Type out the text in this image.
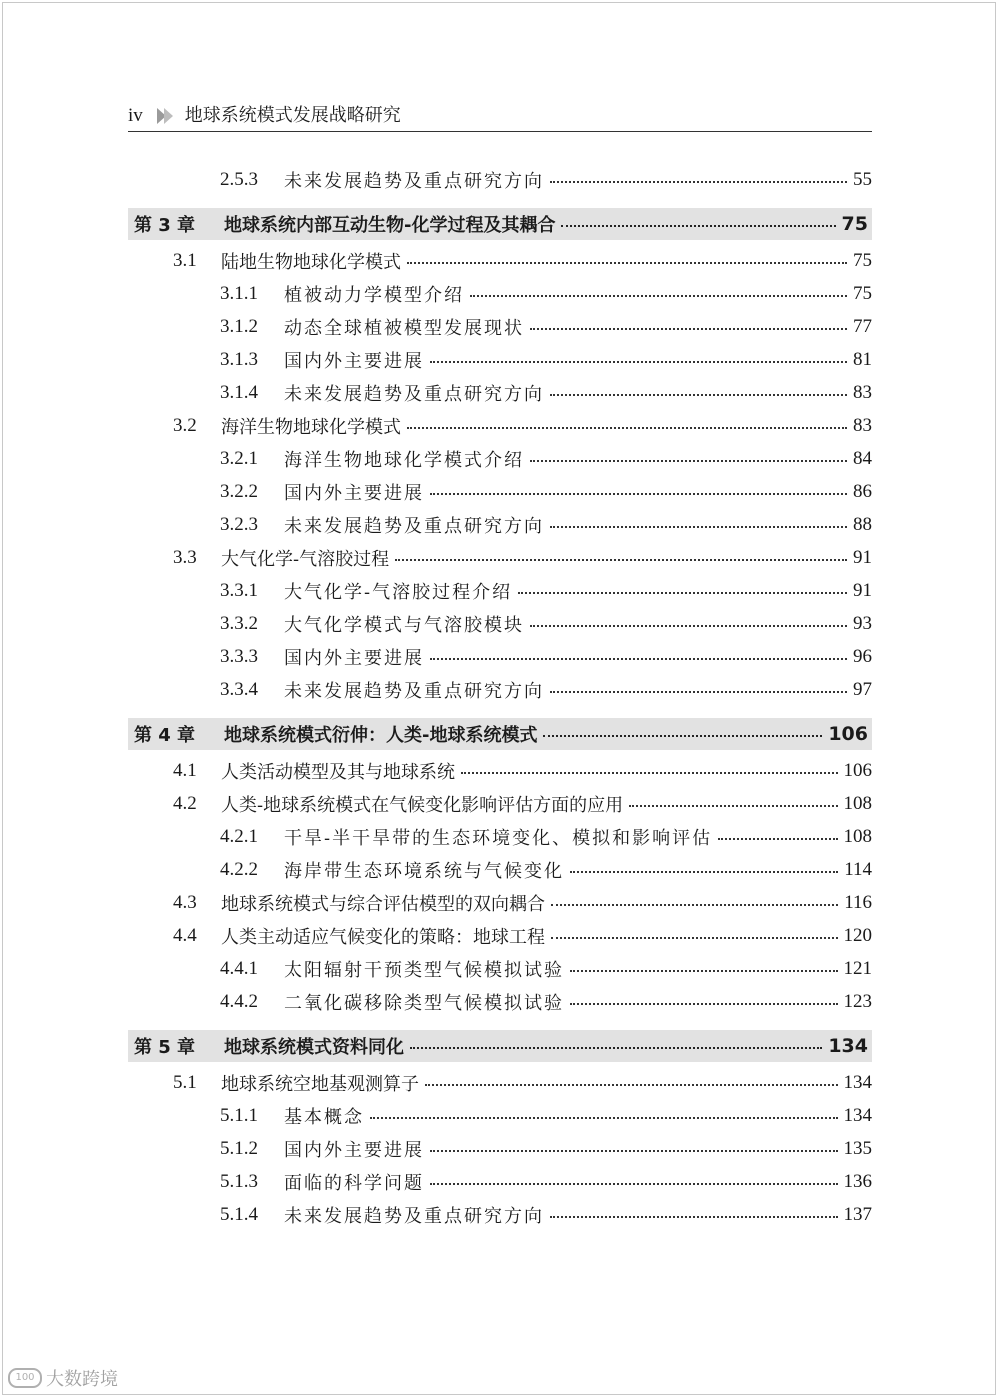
iv 地球系统模式发展战略研究
2.5.3	未来发展趋势及重点研究方向	55
第 3 章	地球系统内部互动生物-化学过程及其耦合	75
3.1	陆地生物地球化学模式	75
3.1.1	植被动力学模型介绍	75
3.1.2	动态全球植被模型发展现状	77
3.1.3	国内外主要进展	81
3.1.4	未来发展趋势及重点研究方向	83
3.2	海洋生物地球化学模式	83
3.2.1	海洋生物地球化学模式介绍	84
3.2.2	国内外主要进展	86
3.2.3	未来发展趋势及重点研究方向	88
3.3	大气化学-气溶胶过程	91
3.3.1	大气化学-气溶胶过程介绍	91
3.3.2	大气化学模式与气溶胶模块	93
3.3.3	国内外主要进展	96
3.3.4	未来发展趋势及重点研究方向	97
第 4 章	地球系统模式衍伸：人类-地球系统模式	106
4.1	人类活动模型及其与地球系统	106
4.2	人类-地球系统模式在气候变化影响评估方面的应用	108
4.2.1	干旱-半干旱带的生态环境变化、模拟和影响评估	108
4.2.2	海岸带生态环境系统与气候变化	114
4.3	地球系统模式与综合评估模型的双向耦合	116
4.4	人类主动适应气候变化的策略：地球工程	120
4.4.1	太阳辐射干预类型气候模拟试验	121
4.4.2	二氧化碳移除类型气候模拟试验	123
第 5 章	地球系统模式资料同化	134
5.1	地球系统空地基观测算子	134
5.1.1	基本概念	134
5.1.2	国内外主要进展	135
5.1.3	面临的科学问题	136
5.1.4	未来发展趋势及重点研究方向	137
100 大数跨境
